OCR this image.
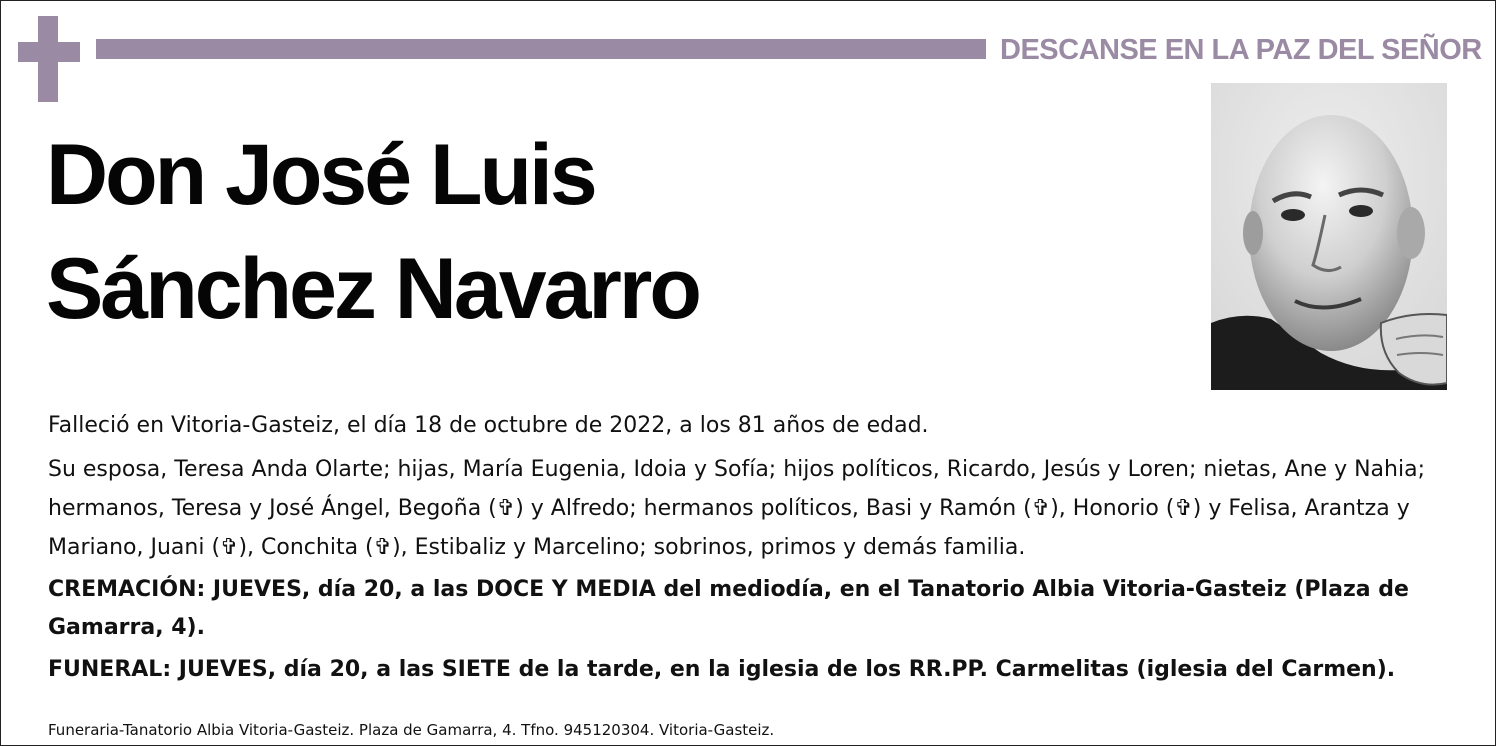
DESCANSE EN LA PAZ DEL SEÑOR
Don José Luis
Sánchez Navarro

Falleció en Vitoria-Gasteiz, el día 18 de octubre de 2022, a los 81 años de edad.

Su esposa, Teresa Anda Olarte; hijas, María Eugenia, Idoia y Sofía; hijos políticos, Ricardo, Jesús y Loren; nietas, Ane y Nahia; hermanos, Teresa y José Ángel, Begoña (✞) y Alfredo; hermanos políticos, Basi y Ramón (✞), Honorio (✞) y Felisa, Arantza y Mariano, Juani (✞), Conchita (✞), Estibaliz y Marcelino; sobrinos, primos y demás familia.

CREMACIÓN: JUEVES, día 20, a las DOCE Y MEDIA del mediodía, en el Tanatorio Albia Vitoria-Gasteiz (Plaza de Gamarra, 4).

FUNERAL: JUEVES, día 20, a las SIETE de la tarde, en la iglesia de los RR.PP. Carmelitas (iglesia del Carmen).

Funeraria-Tanatorio Albia Vitoria-Gasteiz. Plaza de Gamarra, 4. Tfno. 945120304. Vitoria-Gasteiz.
